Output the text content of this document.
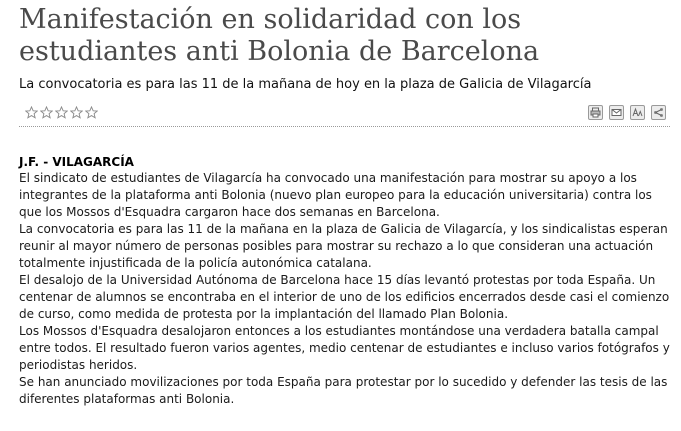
Manifestación en solidaridad con los estudiantes anti Bolonia de Barcelona

La convocatoria es para las 11 de la mañana de hoy en la plaza de Galicia de Vilagarcía

J.F. - VILAGARCÍA

El sindicato de estudiantes de Vilagarcía ha convocado una manifestación para mostrar su apoyo a los integrantes de la plataforma anti Bolonia (nuevo plan europeo para la educación universitaria) contra los que los Mossos d'Esquadra cargaron hace dos semanas en Barcelona.

La convocatoria es para las 11 de la mañana en la plaza de Galicia de Vilagarcía, y los sindicalistas esperan reunir al mayor número de personas posibles para mostrar su rechazo a lo que consideran una actuación totalmente injustificada de la policía autonómica catalana.

El desalojo de la Universidad Autónoma de Barcelona hace 15 días levantó protestas por toda España. Un centenar de alumnos se encontraba en el interior de uno de los edificios encerrados desde casi el comienzo de curso, como medida de protesta por la implantación del llamado Plan Bolonia.

Los Mossos d'Esquadra desalojaron entonces a los estudiantes montándose una verdadera batalla campal entre todos. El resultado fueron varios agentes, medio centenar de estudiantes e incluso varios fotógrafos y periodistas heridos.

Se han anunciado movilizaciones por toda España para protestar por lo sucedido y defender las tesis de las diferentes plataformas anti Bolonia.
